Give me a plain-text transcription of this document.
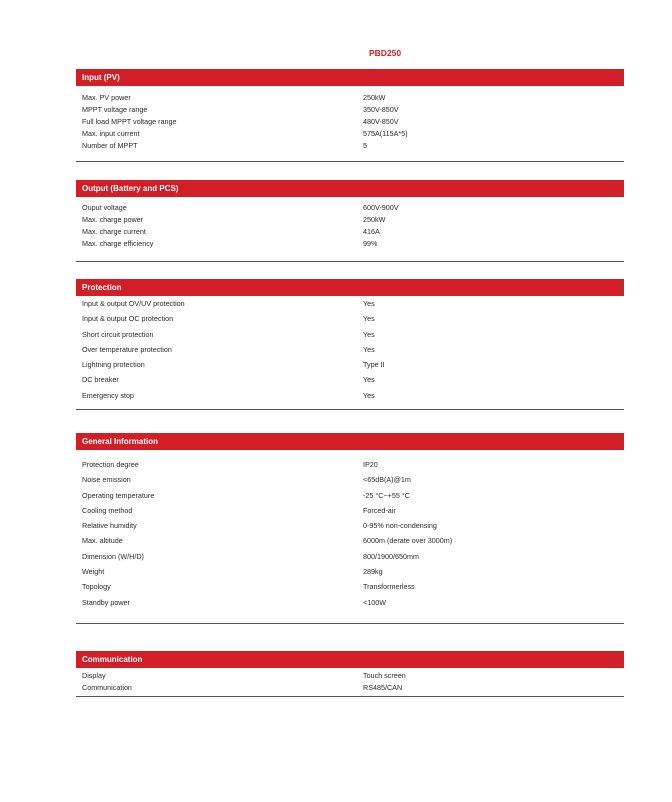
PBD250
Input (PV)
Max. PV power	250kW
MPPT voltage range	350V-850V
Full load MPPT voltage range	480V-850V
Max. input current	575A(115A*5)
Number of MPPT	5
Output (Battery and PCS)
Ouput voltage	600V-900V
Max. charge power	250kW
Max. charge current	416A
Max. charge efficiency	99%
Protection
Input & output OV/UV protection	Yes
Input & output OC protection	Yes
Short circuit protection	Yes
Over temperature protection	Yes
Lightning protection	Type II
DC breaker	Yes
Emergency stop	Yes
General Information
Protection degree	IP20
Noise emission	<65dB(A)@1m
Operating temperature	-25 °C~+55 °C
Cooling method	Forced-air
Relative humidity	0-95% non-condensing
Max. altitude	6000m (derate over 3000m)
Dimension (W/H/D)	800/1900/650mm
Weight	289kg
Topology	Transformerless
Standby power	<100W
Communication
Display	Touch screen
Communication	RS485/CAN
